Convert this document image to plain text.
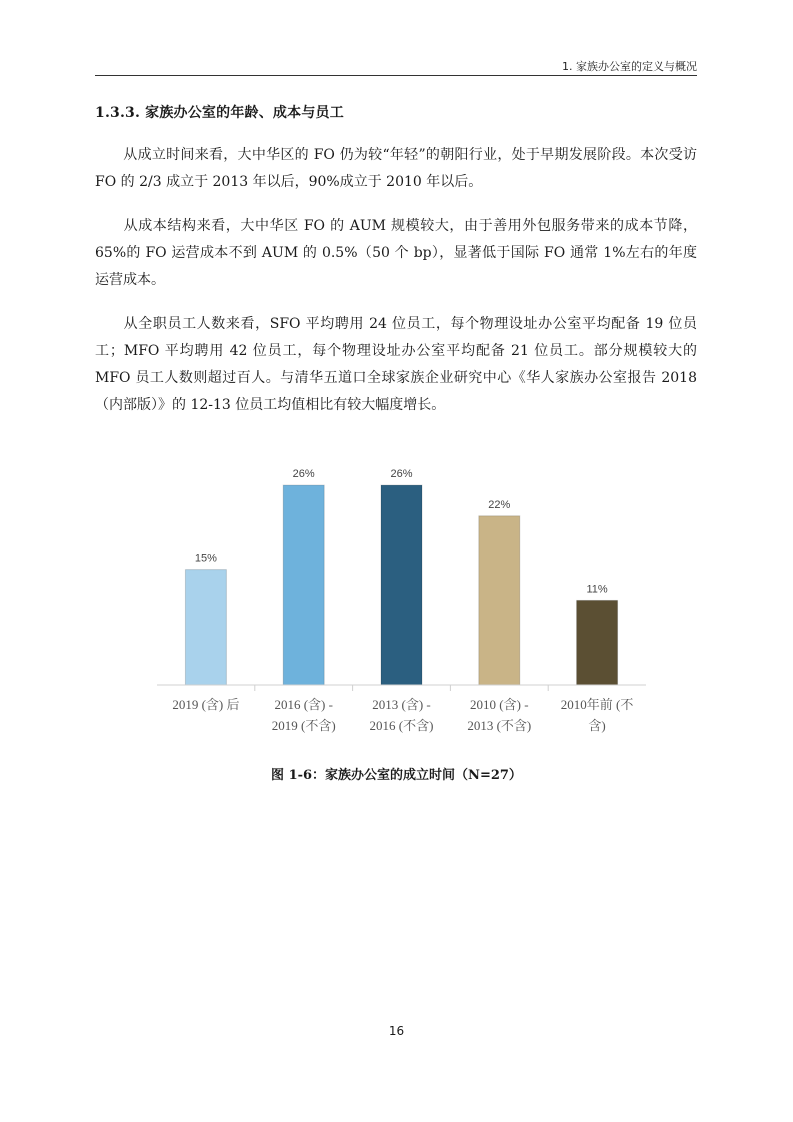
1. 家族办公室的定义与概况
1.3.3. 家族办公室的年龄、成本与员工

从成立时间来看，大中华区的 FO 仍为较“年轻”的朝阳行业，处于早期发展阶段。本次受访 FO 的 2/3 成立于 2013 年以后，90%成立于 2010 年以后。

从成本结构来看，大中华区 FO 的 AUM 规模较大，由于善用外包服务带来的成本节降，65%的 FO 运营成本不到 AUM 的 0.5%（50 个 bp），显著低于国际 FO 通常 1%左右的年度运营成本。

从全职员工人数来看，SFO 平均聘用 24 位员工，每个物理设址办公室平均配备 19 位员工；MFO 平均聘用 42 位员工，每个物理设址办公室平均配备 21 位员工。部分规模较大的 MFO 员工人数则超过百人。与清华五道口全球家族企业研究中心《华人家族办公室报告 2018（内部版）》的 12-13 位员工均值相比有较大幅度增长。

15%
2019 (含) 后
26%
2016 (含) -
2019 (不含)
26%
2013 (含) -
2016 (不含)
22%
2010 (含) -
2013 (不含)
11%
2010年前 (不
含)
图 1-6：家族办公室的成立时间（N=27）
16
